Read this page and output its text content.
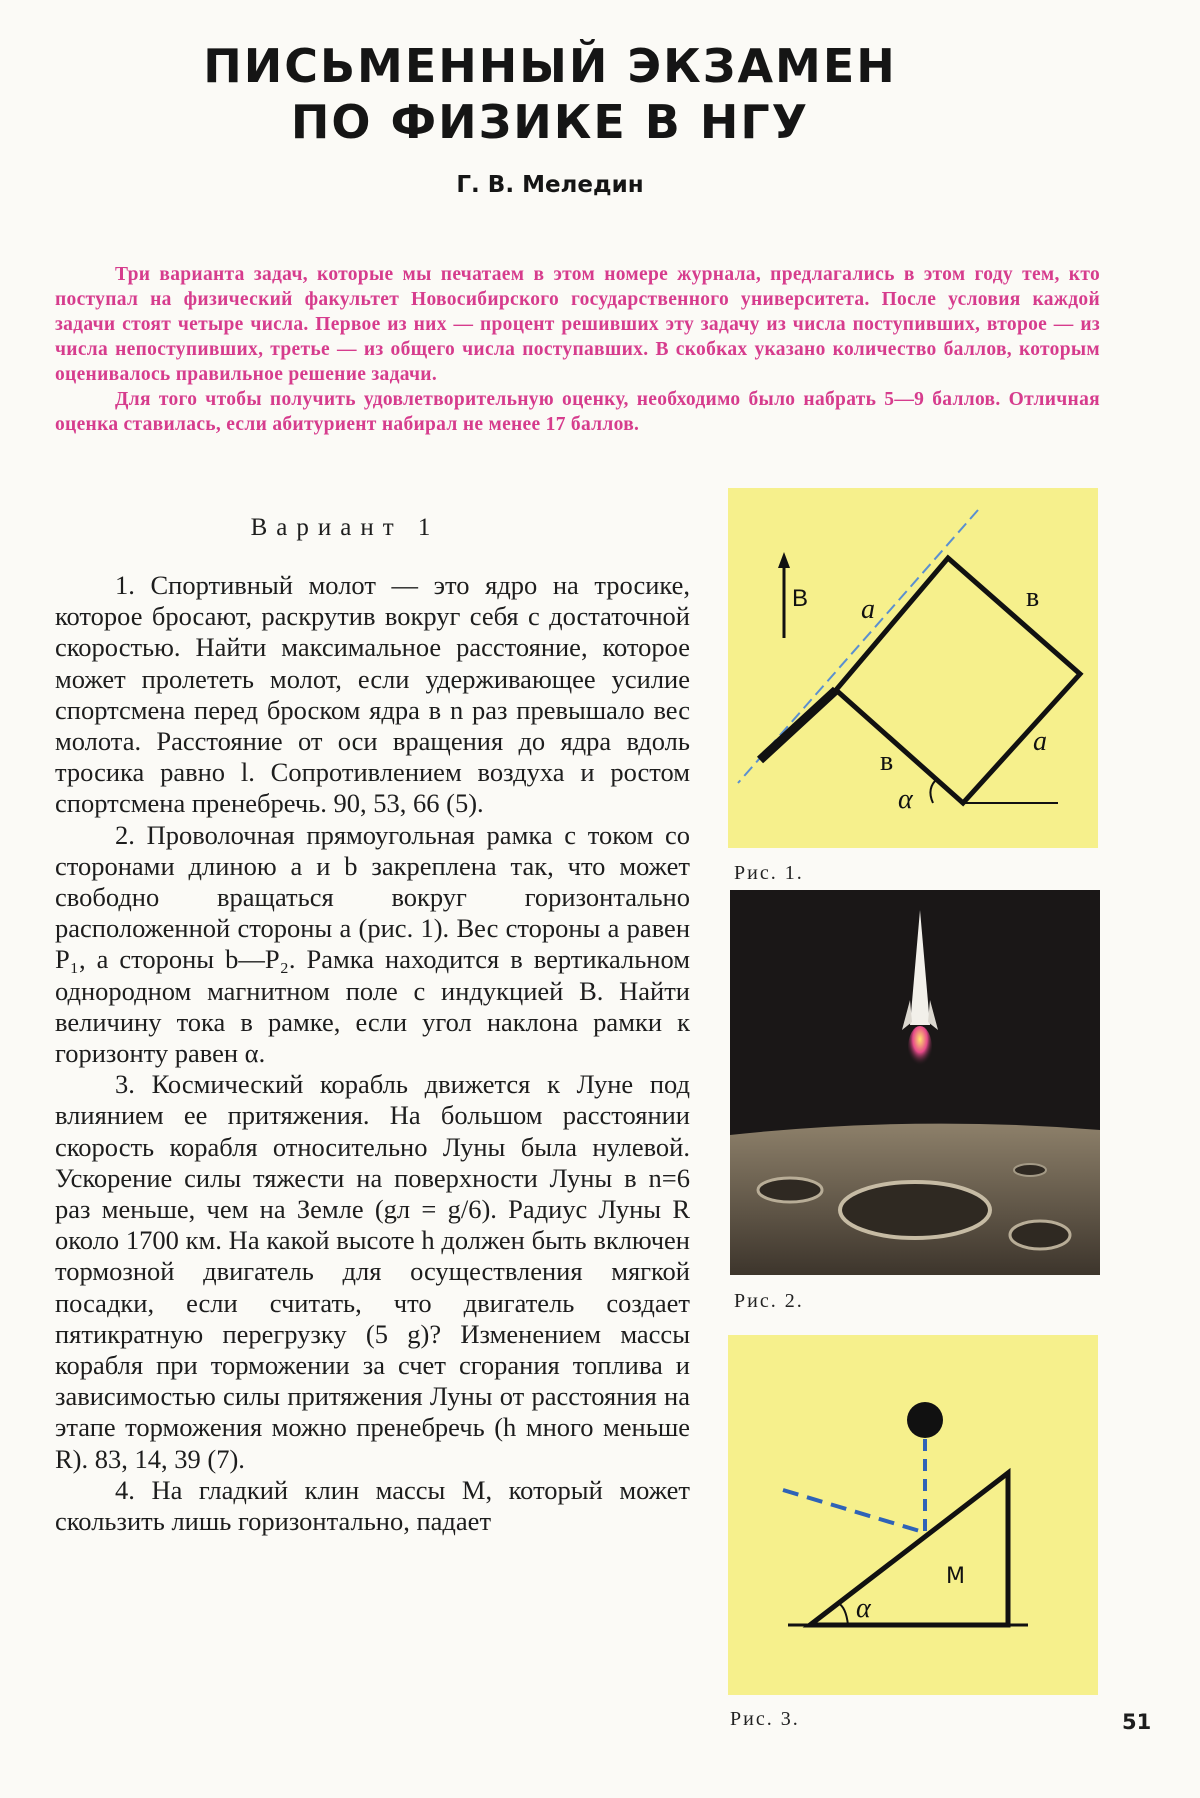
ПИСЬМЕННЫЙ ЭКЗАМЕН
ПО ФИЗИКЕ В НГУ
Г. В. Меледин

Три варианта задач, которые мы печатаем в этом номере журнала, предлагались в этом году тем, кто поступал на физический факультет Новосибирского государственного университета. После условия каждой задачи стоят четыре числа. Первое из них — процент решивших эту задачу из числа поступивших, второе — из числа непоступивших, третье — из общего числа поступавших. В скобках указано количество баллов, которым оценивалось правильное решение задачи.

Для того чтобы получить удовлетворительную оценку, необходимо было набрать 5—9 баллов. Отличная оценка ставилась, если абитуриент набирал не менее 17 баллов.

Вариант 1

1. Спортивный молот — это ядро на тросике, которое бросают, раскрутив вокруг себя с достаточной скоростью. Найти максимальное расстояние, которое может пролететь молот, если удерживающее усилие спортсмена перед броском ядра в n раз превышало вес молота. Расстояние от оси вращения до ядра вдоль тросика равно l. Сопротивлением воздуха и ростом спортсмена пренебречь. 90, 53, 66 (5).

2. Проволочная прямоугольная рамка с током со сторонами длиною a и b закреплена так, что может свободно вращаться вокруг горизонтально расположенной стороны a (рис. 1). Вес стороны a равен P₁, а стороны b—P₂. Рамка находится в вертикальном однородном магнитном поле с индукцией B. Найти величину тока в рамке, если угол наклона рамки к горизонту равен α.

3. Космический корабль движется к Луне под влиянием ее притяжения. На большом расстоянии скорость корабля относительно Луны была нулевой. Ускорение силы тяжести на поверхности Луны в n=6 раз меньше, чем на Земле (gл = g/6). Радиус Луны R около 1700 км. На какой высоте h должен быть включен тормозной двигатель для осуществления мягкой посадки, если считать, что двигатель создает пятикратную перегрузку (5 g)? Изменением массы корабля при торможении за счет сгорания топлива и зависимостью силы притяжения Луны от расстояния на этапе торможения можно пренебречь (h много меньше R). 83, 14, 39 (7).

4. На гладкий клин массы M, который может скользить лишь горизонтально, падает

B a	в
в
a
α
Рис. 1.
Рис. 2.
α
M
Рис. 3.	51
